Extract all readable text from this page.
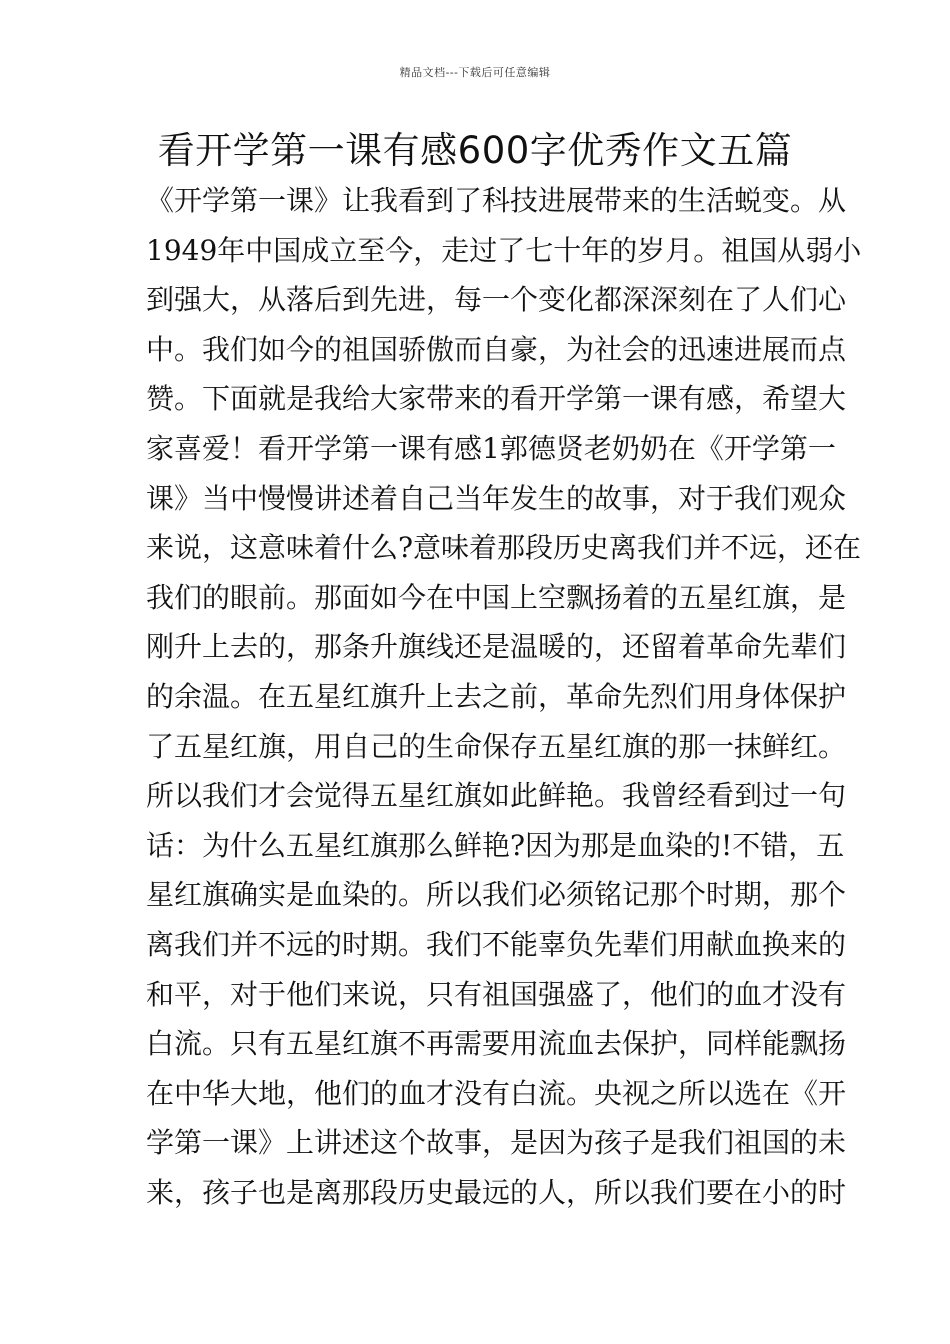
精品文档---下载后可任意编辑
看开学第一课有感600字优秀作文五篇
《开学第一课》让我看到了科技进展带来的生活蜕变。从
1949年中国成立至今，走过了七十年的岁月。祖国从弱小
到强大，从落后到先进，每一个变化都深深刻在了人们心
中。我们如今的祖国骄傲而自豪，为社会的迅速进展而点
赞。下面就是我给大家带来的看开学第一课有感，希望大
家喜爱！看开学第一课有感1郭德贤老奶奶在《开学第一
课》当中慢慢讲述着自己当年发生的故事，对于我们观众
来说，这意味着什么?意味着那段历史离我们并不远，还在
我们的眼前。那面如今在中国上空飘扬着的五星红旗，是
刚升上去的，那条升旗线还是温暖的，还留着革命先辈们
的余温。在五星红旗升上去之前，革命先烈们用身体保护
了五星红旗，用自己的生命保存五星红旗的那一抹鲜红。
所以我们才会觉得五星红旗如此鲜艳。我曾经看到过一句
话：为什么五星红旗那么鲜艳?因为那是血染的!不错，五
星红旗确实是血染的。所以我们必须铭记那个时期，那个
离我们并不远的时期。我们不能辜负先辈们用献血换来的
和平，对于他们来说，只有祖国强盛了，他们的血才没有
白流。只有五星红旗不再需要用流血去保护，同样能飘扬
在中华大地，他们的血才没有白流。央视之所以选在《开
学第一课》上讲述这个故事，是因为孩子是我们祖国的未
来，孩子也是离那段历史最远的人，所以我们要在小的时
